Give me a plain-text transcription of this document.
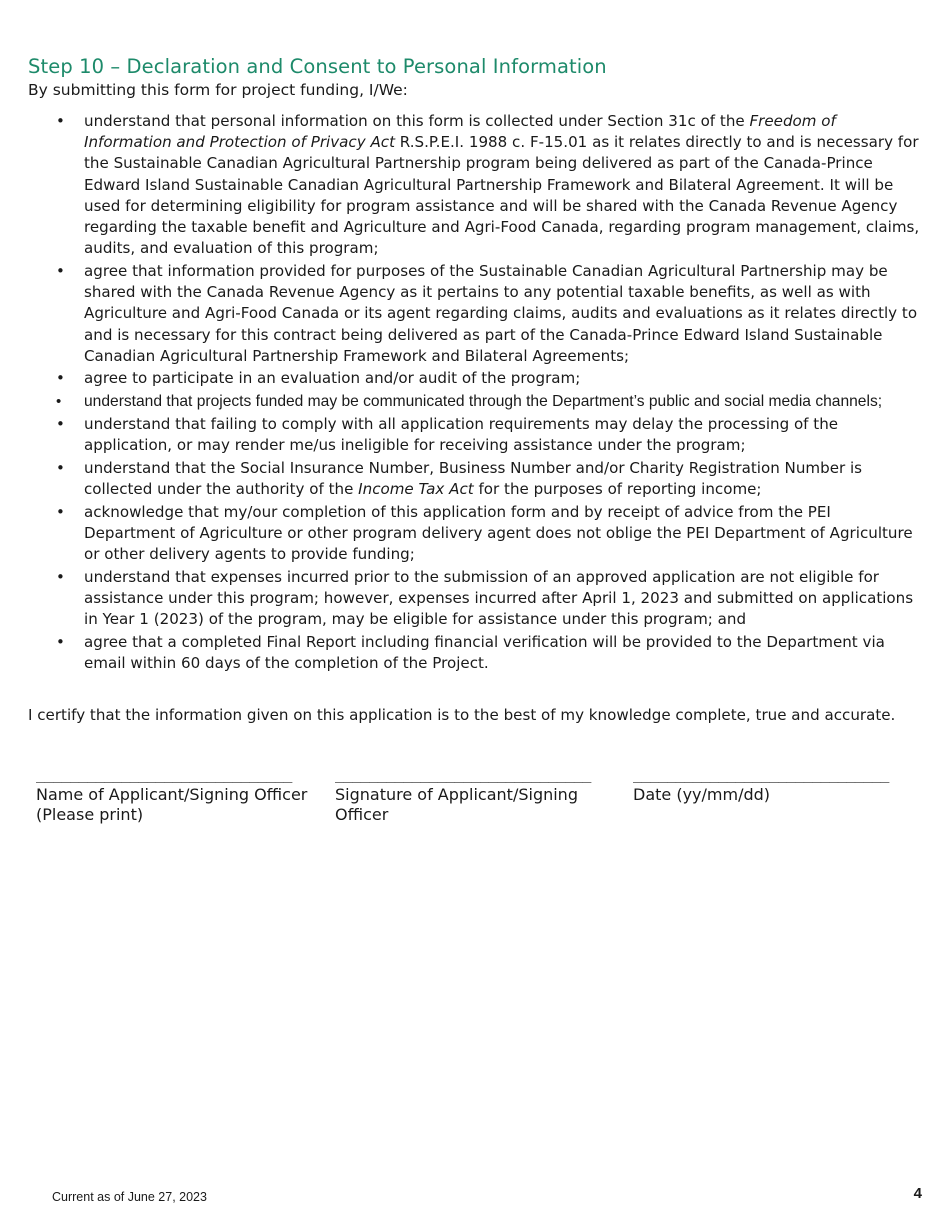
Step 10 – Declaration and Consent to Personal Information

By submitting this form for project funding, I/We:

• understand that personal information on this form is collected under Section 31c of the Freedom of Information and Protection of Privacy Act R.S.P.E.I. 1988 c. F-15.01 as it relates directly to and is necessary for the Sustainable Canadian Agricultural Partnership program being delivered as part of the Canada-Prince Edward Island Sustainable Canadian Agricultural Partnership Framework and Bilateral Agreement. It will be used for determining eligibility for program assistance and will be shared with the Canada Revenue Agency regarding the taxable benefit and Agriculture and Agri-Food Canada, regarding program management, claims, audits, and evaluation of this program;
• agree that information provided for purposes of the Sustainable Canadian Agricultural Partnership may be shared with the Canada Revenue Agency as it pertains to any potential taxable benefits, as well as with Agriculture and Agri-Food Canada or its agent regarding claims, audits and evaluations as it relates directly to and is necessary for this contract being delivered as part of the Canada-Prince Edward Island Sustainable Canadian Agricultural Partnership Framework and Bilateral Agreements;
• agree to participate in an evaluation and/or audit of the program;
• understand that projects funded may be communicated through the Department’s public and social media channels;
• understand that failing to comply with all application requirements may delay the processing of the application, or may render me/us ineligible for receiving assistance under the program;
• understand that the Social Insurance Number, Business Number and/or Charity Registration Number is collected under the authority of the Income Tax Act for the purposes of reporting income;
• acknowledge that my/our completion of this application form and by receipt of advice from the PEI Department of Agriculture or other program delivery agent does not oblige the PEI Department of Agriculture or other delivery agents to provide funding;
• understand that expenses incurred prior to the submission of an approved application are not eligible for assistance under this program; however, expenses incurred after April 1, 2023 and submitted on applications in Year 1 (2023) of the program, may be eligible for assistance under this program; and
• agree that a completed Final Report including financial verification will be provided to the Department via email within 60 days of the completion of the Project.

I certify that the information given on this application is to the best of my knowledge complete, true and accurate.

______________________________
Name of Applicant/Signing Officer (Please print)
______________________________
Signature of Applicant/Signing Officer
______________________________
Date (yy/mm/dd)
Current as of June 27, 2023	4
